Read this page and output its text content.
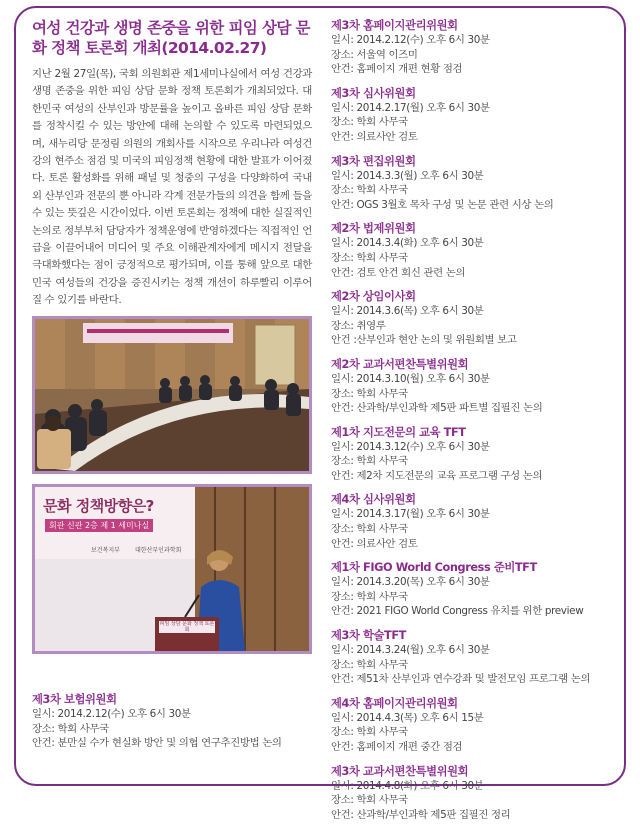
여성 건강과 생명 존중을 위한 피임 상담 문화 정책 토론회 개최(2014.02.27)

지난 2월 27일(목), 국회 의원회관 제1세미나실에서 여성 건강과 생명 존중을 위한 피임 상담 문화 정책 토론회가 개최되었다. 대한민국 여성의 산부인과 방문률을 높이고 올바른 피임 상담 문화를 정착시킬 수 있는 방안에 대해 논의할 수 있도록 마련되었으며, 새누리당 문정림 의원의 개회사를 시작으로 우리나라 여성건강의 현주소 점검 및 미국의 피임정책 현황에 대한 발표가 이어졌다. 토론 활성화를 위해 패널 및 청중의 구성을 다양화하여 국내외 산부인과 전문의 뿐 아니라 각계 전문가들의 의견을 함께 들을 수 있는 뜻깊은 시간이었다. 이번 토론회는 정책에 대한 실질적인 논의로 정부부처 담당자가 정책운영에 반영하겠다는 직접적인 언급을 이끌어내어 미디어 및 주요 이해관계자에게 메시지 전달을 극대화했다는 점이 긍정적으로 평가되며, 이를 통해 앞으로 대한민국 여성들의 건강을 증진시키는 정책 개선이 하루빨리 이루어질 수 있기를 바란다.

문화 정책방향은?
회관 신관 2층 제 1 세미나실
보건복지부	대한산부인과학회
피임 상담 문화 정책 토론회
제3차 보험위원회
일시: 2014.2.12(수) 오후 6시 30분
장소: 학회 사무국
안건: 분만실 수가 현실화 방안 및 의협 연구추진방법 논의
제3차 홈페이지관리위원회
일시: 2014.2.12(수) 오후 6시 30분
장소: 서울역 이즈미
안건: 홈페이지 개편 현황 점검
제3차 심사위원회
일시: 2014.2.17(월) 오후 6시 30분
장소: 학회 사무국
안건: 의료사안 검토
제3차 편집위원회
일시: 2014.3.3(월) 오후 6시 30분
장소: 학회 사무국
안건: OGS 3월호 목차 구성 및 논문 관련 시상 논의
제2차 법제위원회
일시: 2014.3.4(화) 오후 6시 30분
장소: 학회 사무국
안건: 검토 안건 회신 관련 논의
제2차 상임이사회
일시: 2014.3.6(목) 오후 6시 30분
장소: 취영루
안건 :산부인과 현안 논의 및 위원회별 보고
제2차 교과서편찬특별위원회
일시: 2014.3.10(월) 오후 6시 30분
장소: 학회 사무국
안건: 산과학/부인과학 제5판 파트별 집필진 논의
제1차 지도전문의 교육 TFT
일시: 2014.3.12(수) 오후 6시 30분
장소: 학회 사무국
안건: 제2차 지도전문의 교육 프로그램 구성 논의
제4차 심사위원회
일시: 2014.3.17(월) 오후 6시 30분
장소: 학회 사무국
안건: 의료사안 검토
제1차 FIGO World Congress 준비TFT
일시: 2014.3.20(목) 오후 6시 30분
장소: 학회 사무국
안건: 2021 FIGO World Congress 유치를 위한 preview
제3차 학술TFT
일시: 2014.3.24(월) 오후 6시 30분
장소: 학회 사무국
안건: 제51차 산부인과 연수강좌 및 발전모임 프로그램 논의
제4차 홈페이지관리위원회
일시: 2014.4.3(목) 오후 6시 15분
장소: 학회 사무국
안건: 홈페이지 개편 중간 점검
제3차 교과서편찬특별위원회
일시: 2014.4.8(화) 오후 6시 30분
장소: 학회 사무국
안건: 산과학/부인과학 제5판 집필진 정리
